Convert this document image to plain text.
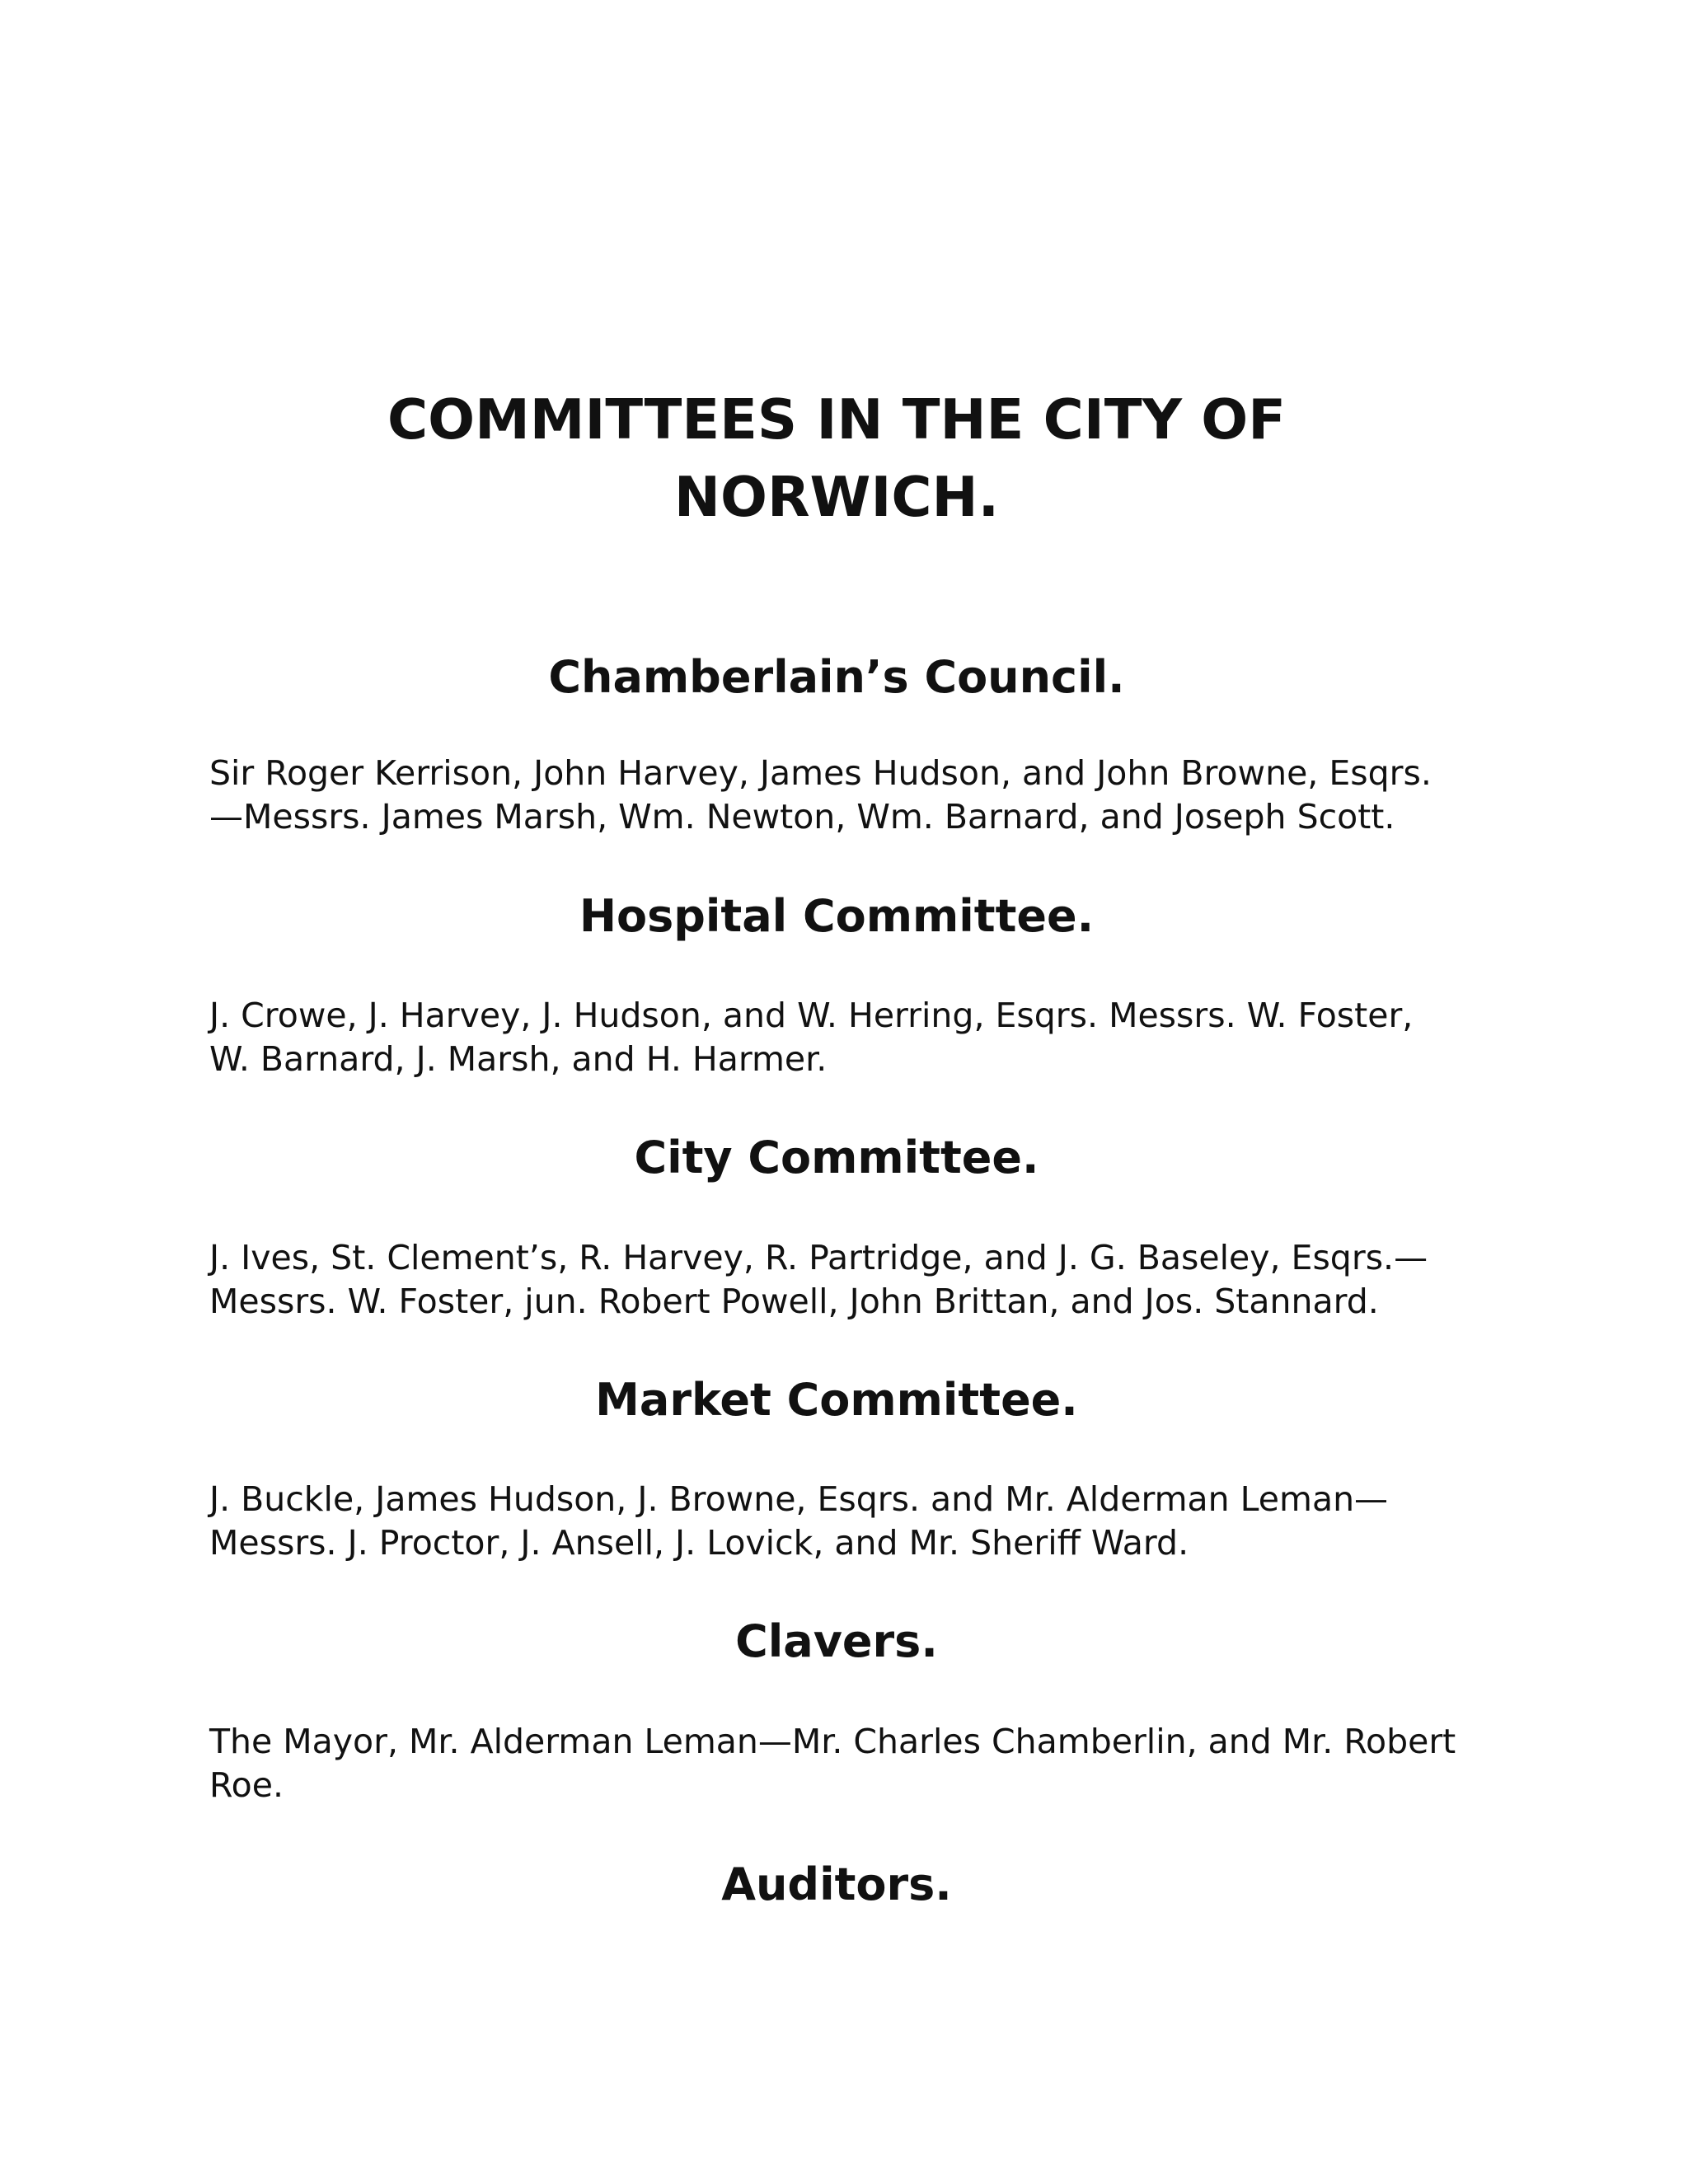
COMMITTEES IN THE CITY OF NORWICH.
Chamberlain’s Council.

Sir Roger Kerrison, John Harvey, James Hudson, and John Browne, Esqrs.—Messrs. James Marsh, Wm. Newton, Wm. Barnard, and Joseph Scott.

Hospital Committee.

J. Crowe, J. Harvey, J. Hudson, and W. Herring, Esqrs. Messrs. W. Foster, W. Barnard, J. Marsh, and H. Harmer.

City Committee.

J. Ives, St. Clement’s, R. Harvey, R. Partridge, and J. G. Baseley, Esqrs.—Messrs. W. Foster, jun. Robert Powell, John Brittan, and Jos. Stannard.

Market Committee.

J. Buckle, James Hudson, J. Browne, Esqrs. and Mr. Alderman Leman—Messrs. J. Proctor, J. Ansell, J. Lovick, and Mr. Sheriff Ward.

Clavers.

The Mayor, Mr. Alderman Leman—Mr. Charles Chamberlin, and Mr. Robert Roe.

Auditors.
